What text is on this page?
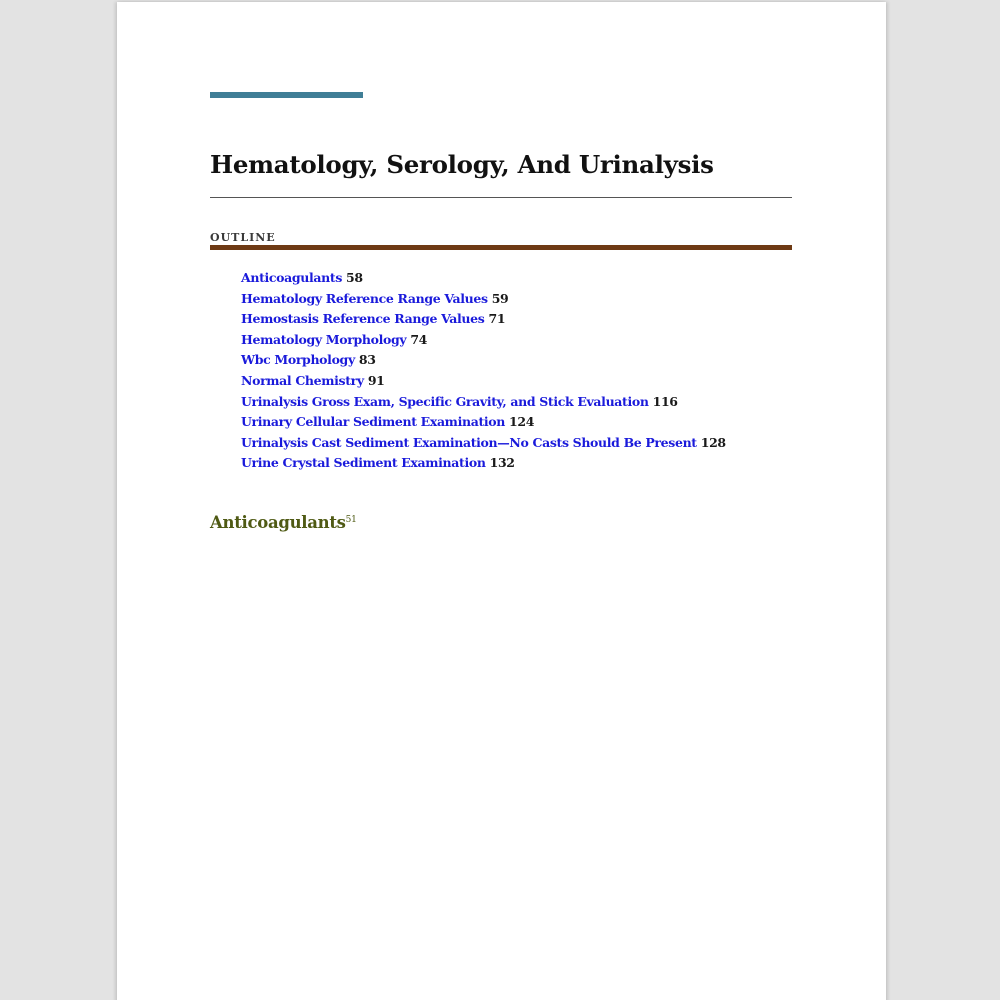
Hematology, Serology, And Urinalysis
OUTLINE
Anticoagulants 58
Hematology Reference Range Values 59
Hemostasis Reference Range Values 71
Hematology Morphology 74
Wbc Morphology 83
Normal Chemistry 91
Urinalysis Gross Exam, Specific Gravity, and Stick Evaluation 116
Urinary Cellular Sediment Examination 124
Urinalysis Cast Sediment Examination—No Casts Should Be Present 128
Urine Crystal Sediment Examination 132
Anticoagulants$^{51}$
